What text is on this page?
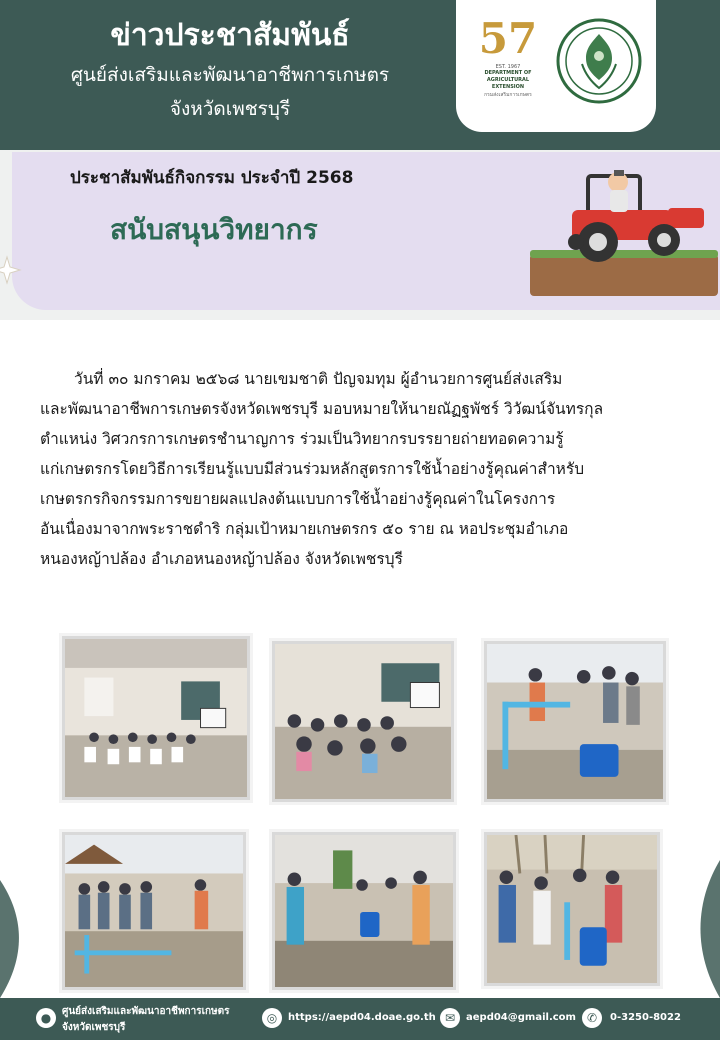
ข่าวประชาสัมพันธ์
ศูนย์ส่งเสริมและพัฒนาอาชีพการเกษตร
จังหวัดเพชรบุรี
57
EST. 1967
DEPARTMENT OF AGRICULTURAL EXTENSION
กรมส่งเสริมการเกษตร
ประชาสัมพันธ์กิจกรรม ประจำปี 2568
สนับสนุนวิทยากร
วันที่ ๓๐ มกราคม ๒๕๖๘ นายเขมชาติ ปัญจมทุม ผู้อำนวยการศูนย์ส่งเสริม
และพัฒนาอาชีพการเกษตรจังหวัดเพชรบุรี มอบหมายให้นายณัฏฐพัชร์ วิวัฒน์จันทรกุล
ตำแหน่ง วิศวกรการเกษตรชำนาญการ ร่วมเป็นวิทยากรบรรยายถ่ายทอดความรู้
แก่เกษตรกรโดยวิธีการเรียนรู้แบบมีส่วนร่วมหลักสูตรการใช้น้ำอย่างรู้คุณค่าสำหรับ
เกษตรกรกิจกรรมการขยายผลแปลงต้นแบบการใช้น้ำอย่างรู้คุณค่าในโครงการ
อันเนื่องมาจากพระราชดำริ กลุ่มเป้าหมายเกษตรกร ๕๐ ราย ณ หอประชุมอำเภอ
หนองหญ้าปล้อง อำเภอหนองหญ้าปล้อง จังหวัดเพชรบุรี
●	ศูนย์ส่งเสริมและพัฒนาอาชีพการเกษตร
จังหวัดเพชรบุรี
◎	https://aepd04.doae.go.th ✉	aepd04@gmail.com ✆	0-3250-8022
